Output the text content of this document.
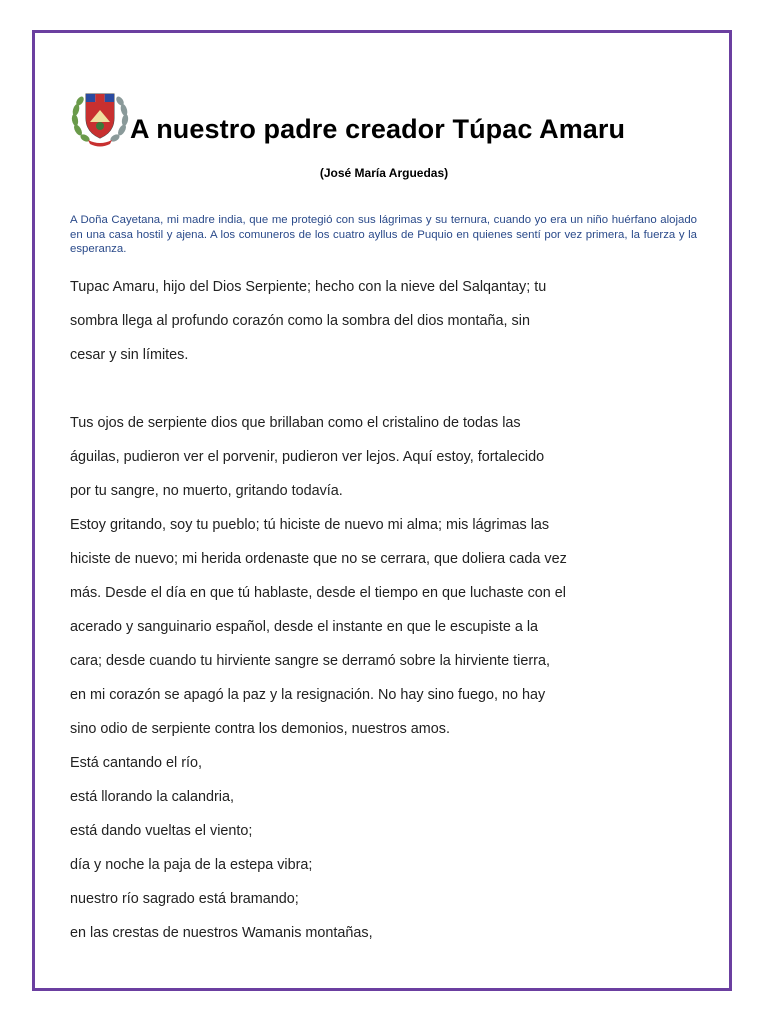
A nuestro padre creador Túpac Amaru
(José María Arguedas)
A Doña Cayetana, mi madre india, que me protegió con sus lágrimas y su ternura, cuando yo era un niño huérfano alojado en una casa hostil y ajena. A los comuneros de los cuatro ayllus de Puquio en quienes sentí por vez primera, la fuerza y la esperanza.
Tupac Amaru, hijo del Dios Serpiente; hecho con la nieve del Salqantay; tu
sombra llega al profundo corazón como la sombra del dios montaña, sin
cesar y sin límites.
Tus ojos de serpiente dios que brillaban como el cristalino de todas las
águilas, pudieron ver el porvenir, pudieron ver lejos. Aquí estoy, fortalecido
por tu sangre, no muerto, gritando todavía.
Estoy gritando, soy tu pueblo; tú hiciste de nuevo mi alma; mis lágrimas las
hiciste de nuevo; mi herida ordenaste que no se cerrara, que doliera cada vez
más. Desde el día en que tú hablaste, desde el tiempo en que luchaste con el
acerado y sanguinario español, desde el instante en que le escupiste a la
cara; desde cuando tu hirviente sangre se derramó sobre la hirviente tierra,
en mi corazón se apagó la paz y la resignación. No hay sino fuego, no hay
sino odio de serpiente contra los demonios, nuestros amos.
Está cantando el río,
está llorando la calandria,
está dando vueltas el viento;
día y noche la paja de la estepa vibra;
nuestro río sagrado está bramando;
en las crestas de nuestros Wamanis montañas,
